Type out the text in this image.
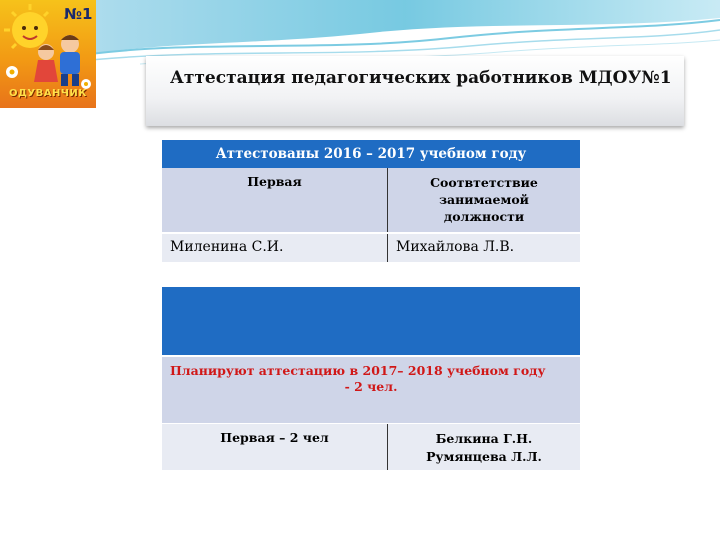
№1
ОДУВАНЧИК
Аттестация педагогических работников МДОУ№1
Аттестованы 2016 – 2017 учебном году
Первая	Соотвтетствие занимаемой должности
Миленина С.И.	Михайлова Л.В.
Планируют аттестацию в 2017– 2018 учебном году
- 2 чел.
Первая – 2 чел	Белкина Г.Н.
Румянцева Л.Л.
